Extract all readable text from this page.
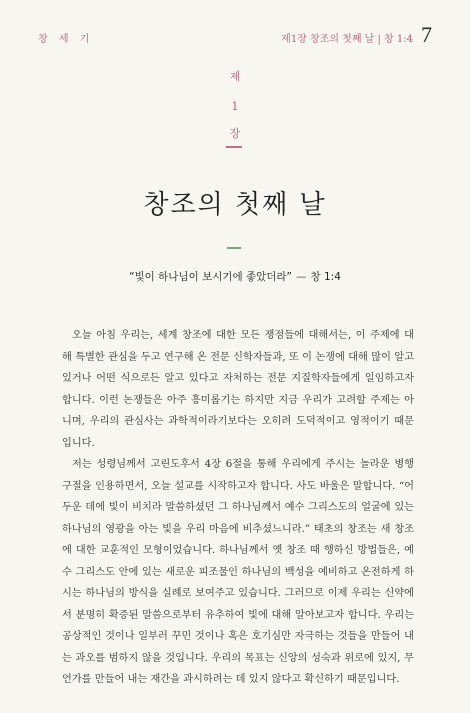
창 세 기	제1장 창조의 첫째 날 | 창 1:4 7
제
1
장
창조의 첫째 날
“빛이 하나님이 보시기에 좋았더라” — 창 1:4
오늘 아침 우리는, 세계 창조에 대한 모든 쟁점들에 대해서는, 이 주제에 대
해 특별한 관심을 두고 연구해 온 전문 신학자들과, 또 이 논쟁에 대해 많이 알고
있거나 어떤 식으로든 알고 있다고 자처하는 전문 지질학자들에게 일임하고자
합니다. 이런 논쟁들은 아주 흥미롭기는 하지만 지금 우리가 고려할 주제는 아
니며, 우리의 관심사는 과학적이라기보다는 오히려 도덕적이고 영적이기 때문
입니다.
저는 성령님께서 고린도후서 4장 6절을 통해 우리에게 주시는 놀라운 병행
구절을 인용하면서, 오늘 설교를 시작하고자 합니다. 사도 바울은 말합니다. “어
두운 데에 빛이 비치라 말씀하셨던 그 하나님께서 예수 그리스도의 얼굴에 있는
하나님의 영광을 아는 빛을 우리 마음에 비추셨느니라.” 태초의 창조는 새 창조
에 대한 교훈적인 모형이었습니다. 하나님께서 옛 창조 때 행하신 방법들은, 예
수 그리스도 안에 있는 새로운 피조물인 하나님의 백성을 예비하고 온전하게 하
시는 하나님의 방식을 실례로 보여주고 있습니다. 그러므로 이제 우리는 신약에
서 분명히 확증된 말씀으로부터 유추하여 빛에 대해 알아보고자 합니다. 우리는
공상적인 것이나 일부러 꾸민 것이나 혹은 호기심만 자극하는 것들을 만들어 내
는 과오를 범하지 않을 것입니다. 우리의 목표는 신앙의 성숙과 위로에 있지, 무
언가를 만들어 내는 재간을 과시하려는 데 있지 않다고 확신하기 때문입니다.
